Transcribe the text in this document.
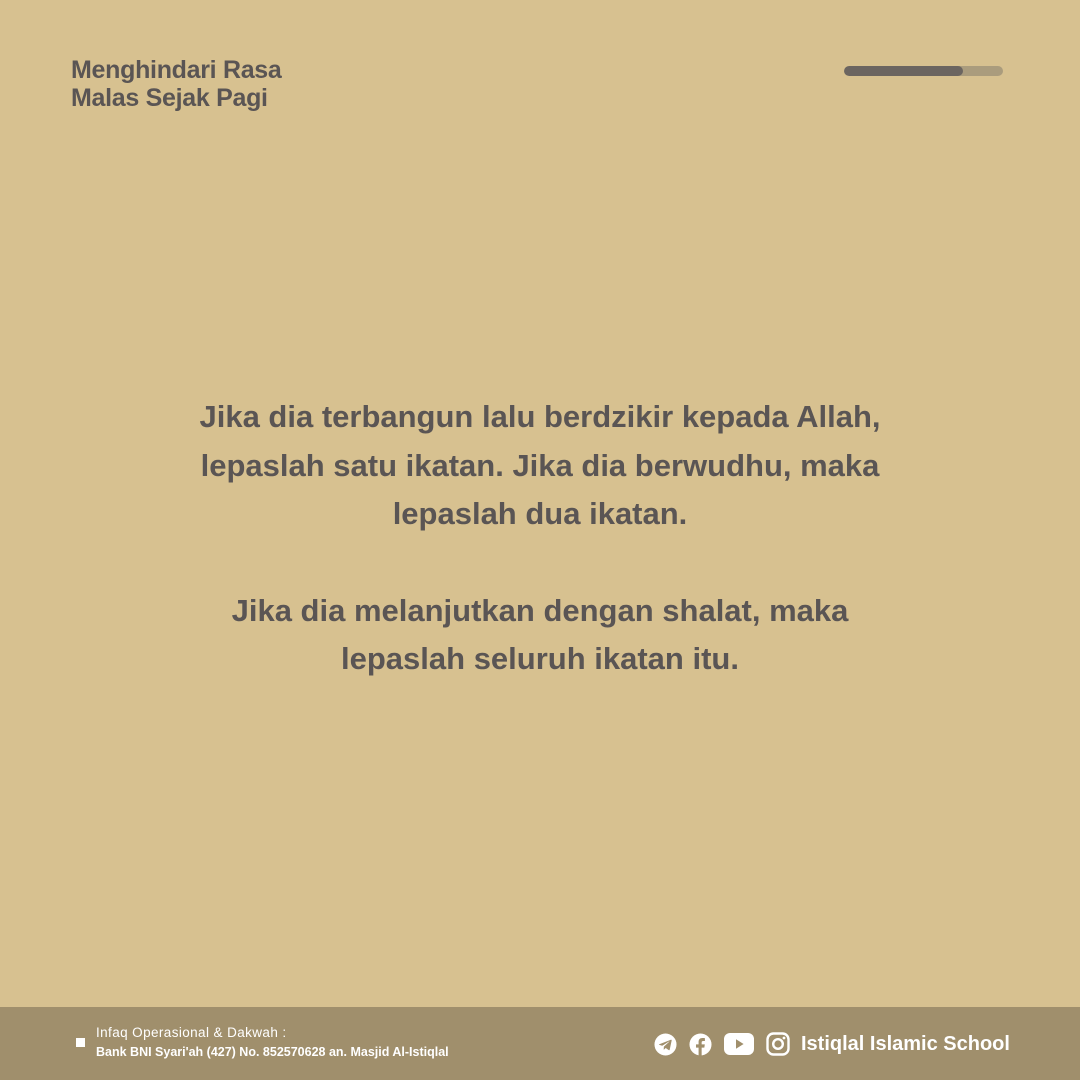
Menghindari Rasa
Malas Sejak Pagi

Jika dia terbangun lalu berdzikir kepada Allah,
lepaslah satu ikatan. Jika dia berwudhu, maka
lepaslah dua ikatan.

Jika dia melanjutkan dengan shalat, maka
lepaslah seluruh ikatan itu.

Infaq Operasional & Dakwah :
Bank BNI Syari'ah (427) No. 852570628 an. Masjid Al-Istiqlal	Istiqlal Islamic School
